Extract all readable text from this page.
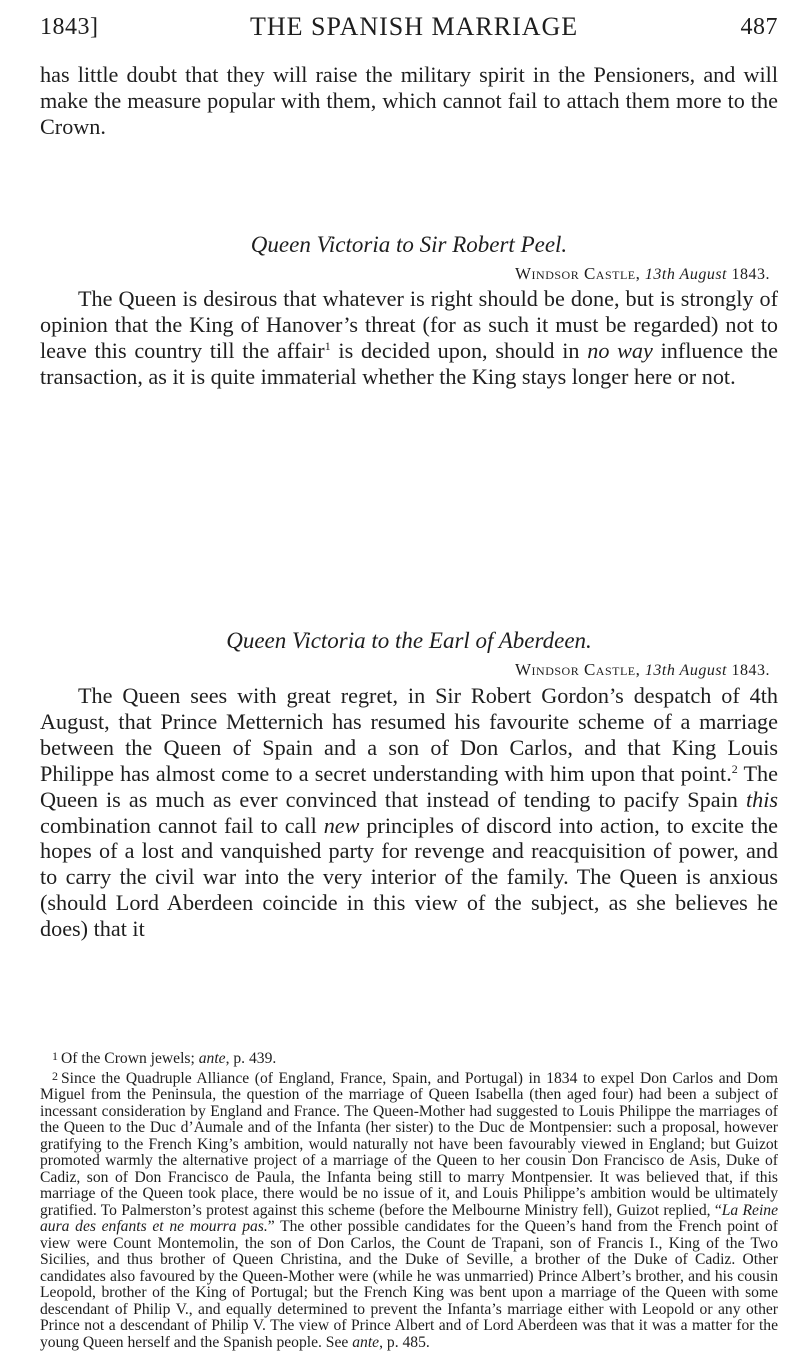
1843]	THE SPANISH MARRIAGE	487

has little doubt that they will raise the military spirit in the Pensioners, and will make the measure popular with them, which cannot fail to attach them more to the Crown.

Queen Victoria to Sir Robert Peel.
Windsor Castle, 13th August 1843.

The Queen is desirous that whatever is right should be done, but is strongly of opinion that the King of Hanover’s threat (for as such it must be regarded) not to leave this country till the affair$^1$ is decided upon, should in no way influence the transaction, as it is quite immaterial whether the King stays longer here or not.

Queen Victoria to the Earl of Aberdeen.
Windsor Castle, 13th August 1843.

The Queen sees with great regret, in Sir Robert Gordon’s despatch of 4th August, that Prince Metternich has resumed his favourite scheme of a marriage between the Queen of Spain and a son of Don Carlos, and that King Louis Philippe has almost come to a secret understanding with him upon that point.$^2$ The Queen is as much as ever convinced that instead of tending to pacify Spain this combination cannot fail to call new principles of discord into action, to excite the hopes of a lost and vanquished party for revenge and reacquisition of power, and to carry the civil war into the very interior of the family. The Queen is anxious (should Lord Aberdeen coincide in this view of the subject, as she believes he does) that it

1 Of the Crown jewels; ante, p. 439.

2 Since the Quadruple Alliance (of England, France, Spain, and Portugal) in 1834 to expel Don Carlos and Dom Miguel from the Peninsula, the question of the marriage of Queen Isabella (then aged four) had been a subject of incessant consideration by England and France. The Queen-Mother had suggested to Louis Philippe the marriages of the Queen to the Duc d’Aumale and of the Infanta (her sister) to the Duc de Montpensier: such a proposal, however gratifying to the French King’s ambition, would naturally not have been favourably viewed in England; but Guizot promoted warmly the alternative project of a marriage of the Queen to her cousin Don Francisco de Asis, Duke of Cadiz, son of Don Francisco de Paula, the Infanta being still to marry Montpensier. It was believed that, if this marriage of the Queen took place, there would be no issue of it, and Louis Philippe’s ambition would be ultimately gratified. To Palmerston’s protest against this scheme (before the Melbourne Ministry fell), Guizot replied, “La Reine aura des enfants et ne mourra pas.” The other possible candidates for the Queen’s hand from the French point of view were Count Montemolin, the son of Don Carlos, the Count de Trapani, son of Francis I., King of the Two Sicilies, and thus brother of Queen Christina, and the Duke of Seville, a brother of the Duke of Cadiz. Other candidates also favoured by the Queen-Mother were (while he was unmarried) Prince Albert’s brother, and his cousin Leopold, brother of the King of Portugal; but the French King was bent upon a marriage of the Queen with some descendant of Philip V., and equally determined to prevent the Infanta’s marriage either with Leopold or any other Prince not a descendant of Philip V. The view of Prince Albert and of Lord Aberdeen was that it was a matter for the young Queen herself and the Spanish people. See ante, p. 485.
